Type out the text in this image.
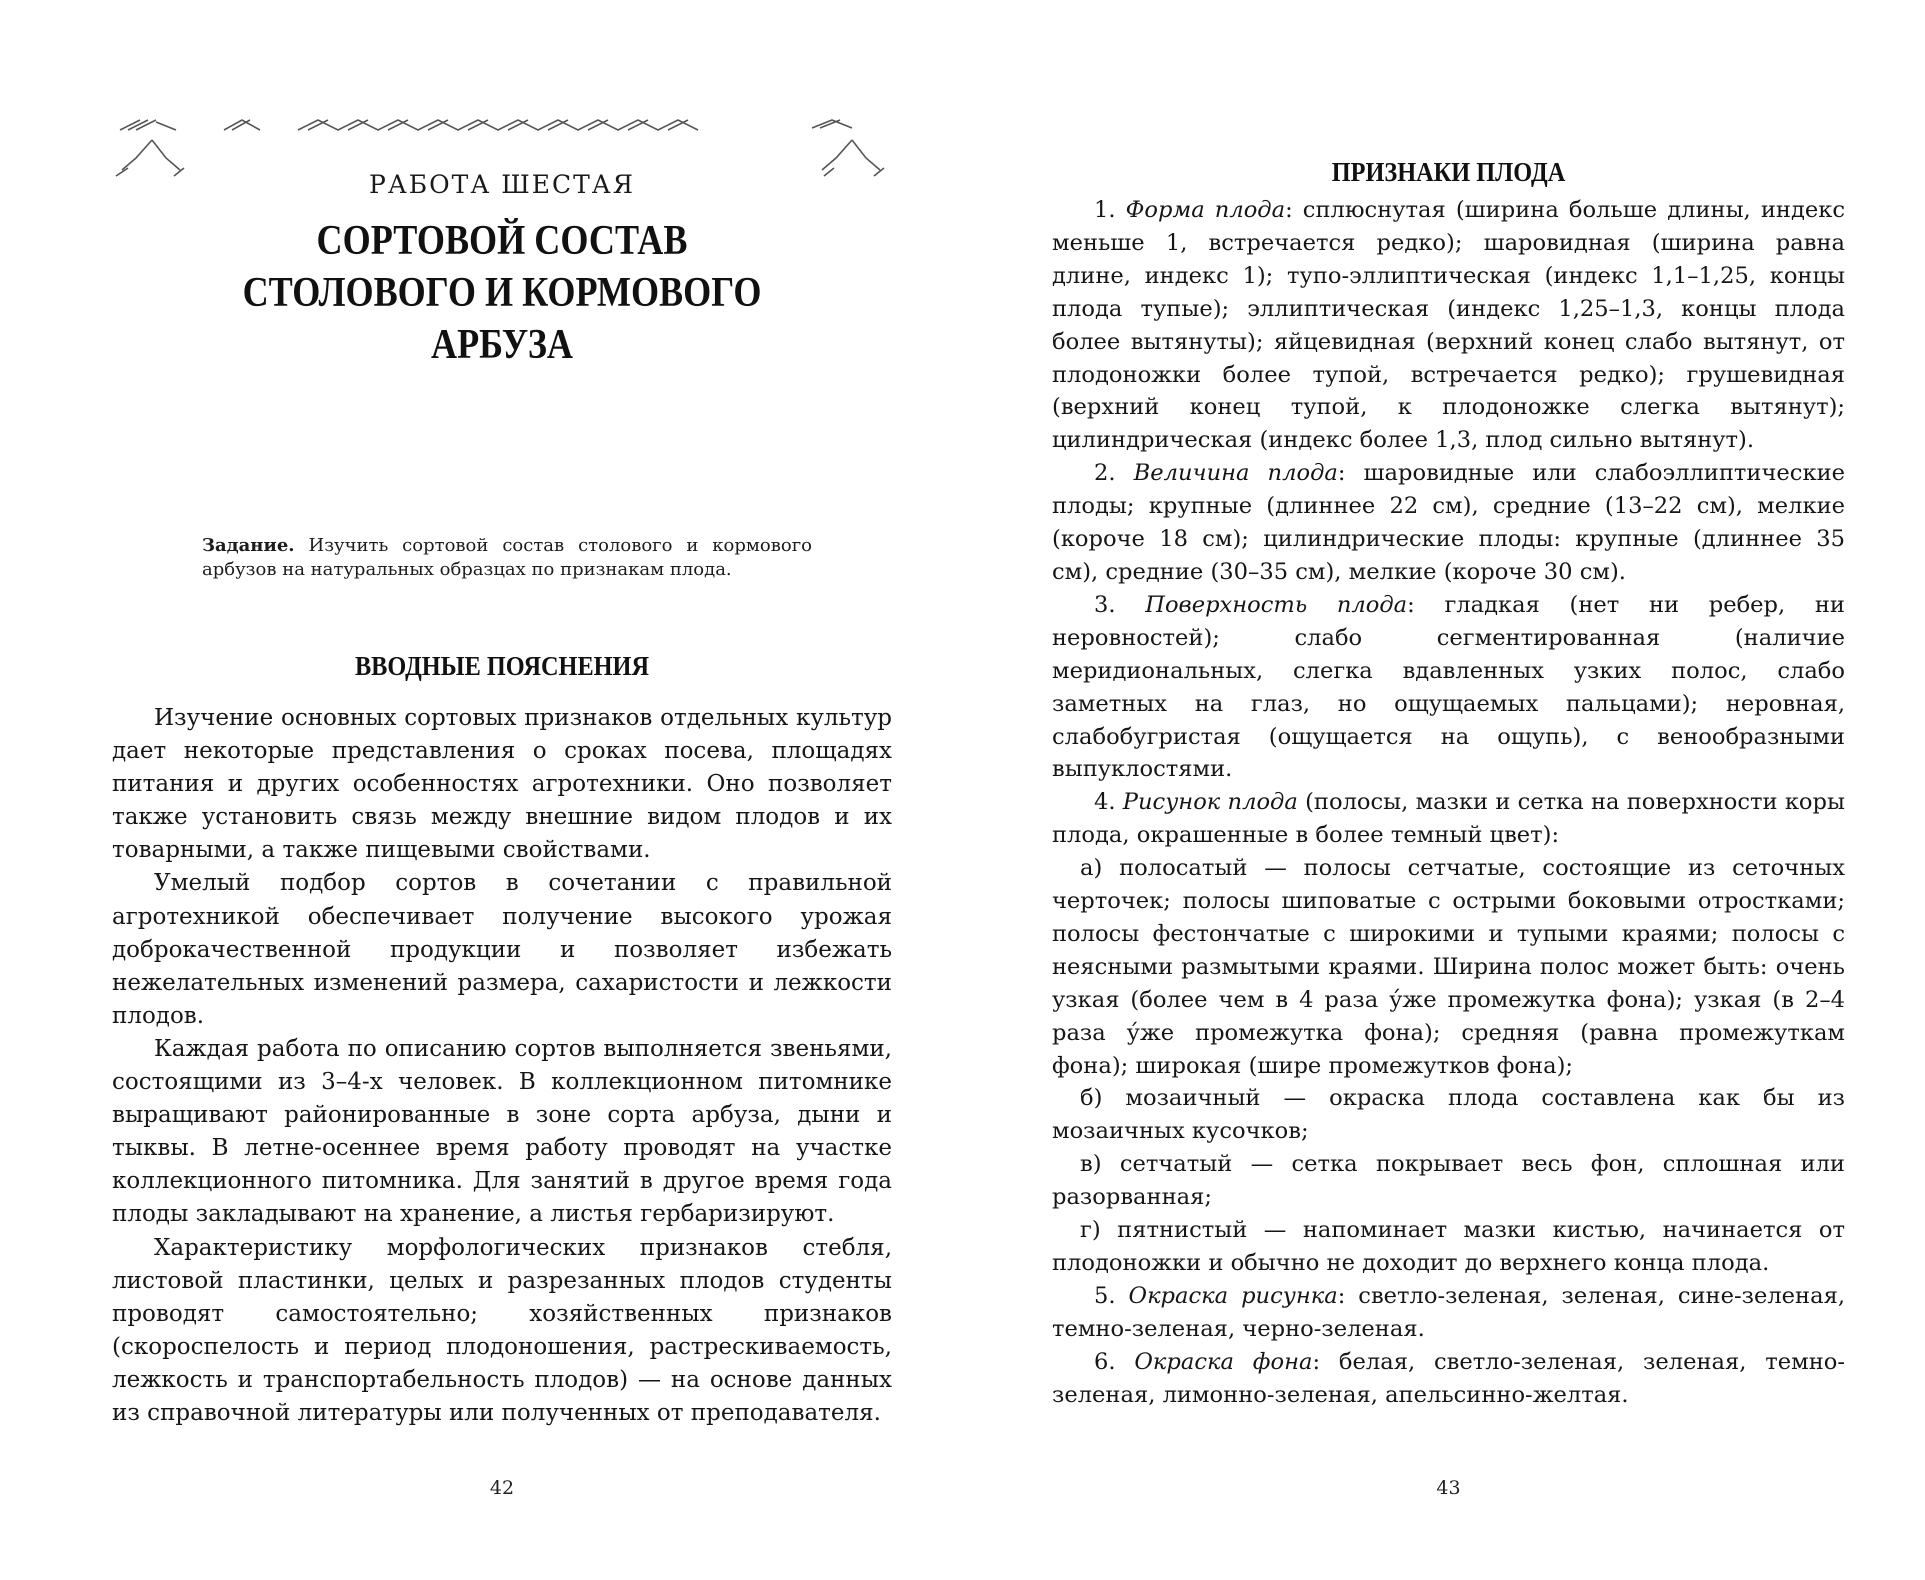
РАБОТА ШЕСТАЯ
СОРТОВОЙ СОСТАВ
СТОЛОВОГО И КОРМОВОГО
АРБУЗА
Задание. Изучить сортовой состав столового и кормового арбузов на натуральных образцах по признакам плода.
ВВОДНЫЕ ПОЯСНЕНИЯ

Изучение основных сортовых признаков отдельных культур дает некоторые представления о сроках посева, площадях питания и других особенностях агротехники. Оно позволяет также установить связь между внешние видом плодов и их товарными, а также пищевыми свойствами.

Умелый подбор сортов в сочетании с правильной агротехникой обеспечивает получение высокого урожая доброкачественной продукции и позволяет избежать нежелательных изменений размера, сахаристости и лежкости плодов.

Каждая работа по описанию сортов выполняется звеньями, состоящими из 3–4-х человек. В коллекционном питомнике выращивают районированные в зоне сорта арбуза, дыни и тыквы. В летне-осеннее время работу проводят на участке коллекционного питомника. Для занятий в другое время года плоды закладывают на хранение, а листья гербаризируют.

Характеристику морфологических признаков стебля, листовой пластинки, целых и разрезанных плодов студенты проводят самостоятельно; хозяйственных признаков (скороспелость и период плодоношения, растрескиваемость, лежкость и транспортабельность плодов) — на основе данных из справочной литературы или полученных от преподавателя.

42
ПРИЗНАКИ ПЛОДА

1. Форма плода: сплюснутая (ширина больше длины, индекс меньше 1, встречается редко); шаровидная (ширина равна длине, индекс 1); тупо-эллиптическая (индекс 1,1–1,25, концы плода тупые); эллиптическая (индекс 1,25–1,3, концы плода более вытянуты); яйцевидная (верхний конец слабо вытянут, от плодоножки более тупой, встречается редко); грушевидная (верхний конец тупой, к плодоножке слегка вытянут); цилиндрическая (индекс более 1,3, плод сильно вытянут).

2. Величина плода: шаровидные или слабоэллиптические плоды; крупные (длиннее 22 см), средние (13–22 см), мелкие (короче 18 см); цилиндрические плоды: крупные (длиннее 35 см), средние (30–35 см), мелкие (короче 30 см).

3. Поверхность плода: гладкая (нет ни ребер, ни неровностей); слабо сегментированная (наличие меридиональных, слегка вдавленных узких полос, слабо заметных на глаз, но ощущаемых пальцами); неровная, слабобугристая (ощущается на ощупь), с венообразными выпуклостями.

4. Рисунок плода (полосы, мазки и сетка на поверхности коры плода, окрашенные в более темный цвет):

а) полосатый — полосы сетчатые, состоящие из сеточных черточек; полосы шиповатые с острыми боковыми отростками; полосы фестончатые с широкими и тупыми краями; полосы с неясными размытыми краями. Ширина полос может быть: очень узкая (более чем в 4 раза у́же промежутка фона); узкая (в 2–4 раза у́же промежутка фона); средняя (равна промежуткам фона); широкая (шире промежутков фона);

б) мозаичный — окраска плода составлена как бы из мозаичных кусочков;

в) сетчатый — сетка покрывает весь фон, сплошная или разорванная;

г) пятнистый — напоминает мазки кистью, начинается от плодоножки и обычно не доходит до верхнего конца плода.

5. Окраска рисунка: светло-зеленая, зеленая, сине-зеленая, темно-зеленая, черно-зеленая.

6. Окраска фона: белая, светло-зеленая, зеленая, темно-зеленая, лимонно-зеленая, апельсинно-желтая.

43
